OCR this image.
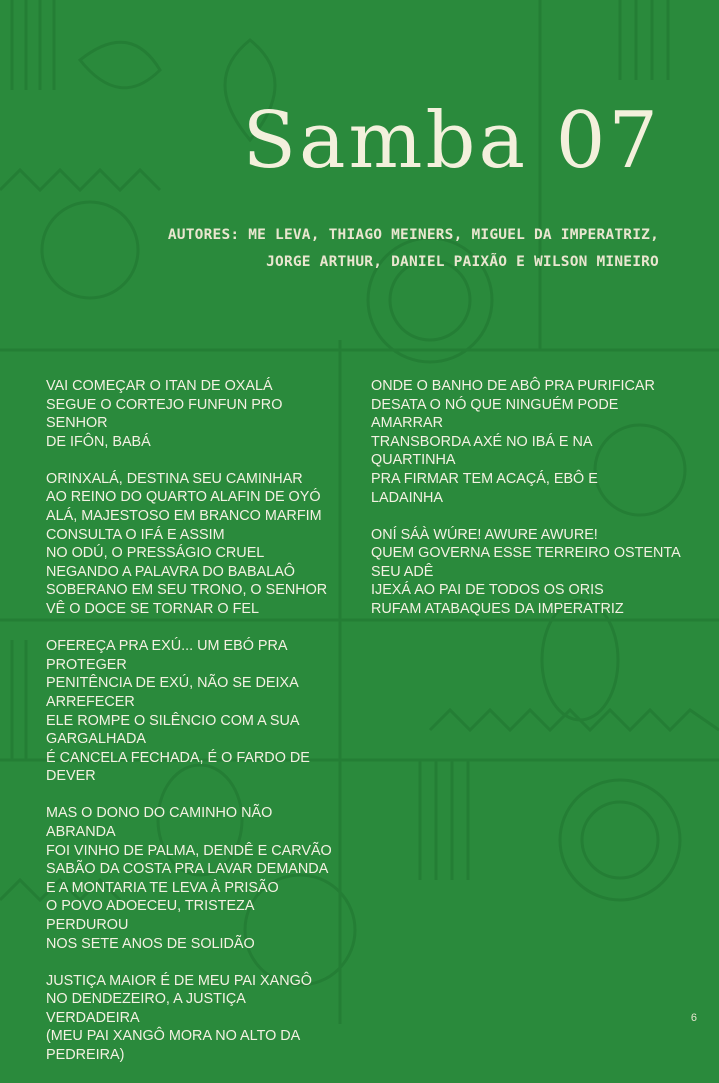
Samba 07
AUTORES: ME LEVA, THIAGO MEINERS, MIGUEL DA IMPERATRIZ,
JORGE ARTHUR, DANIEL PAIXÃO E WILSON MINEIRO
VAI COMEÇAR O ITAN DE OXALÁ
SEGUE O CORTEJO FUNFUN PRO SENHOR
DE IFÔN, BABÁ
ORINXALÁ, DESTINA SEU CAMINHAR
AO REINO DO QUARTO ALAFIN DE OYÓ
ALÁ, MAJESTOSO EM BRANCO MARFIM
CONSULTA O IFÁ E ASSIM
NO ODÚ, O PRESSÁGIO CRUEL
NEGANDO A PALAVRA DO BABALAÔ
SOBERANO EM SEU TRONO, O SENHOR
VÊ O DOCE SE TORNAR O FEL
OFEREÇA PRA EXÚ... UM EBÓ PRA
PROTEGER
PENITÊNCIA DE EXÚ, NÃO SE DEIXA
ARREFECER
ELE ROMPE O SILÊNCIO COM A SUA
GARGALHADA
É CANCELA FECHADA, É O FARDO DE
DEVER
MAS O DONO DO CAMINHO NÃO
ABRANDA
FOI VINHO DE PALMA, DENDÊ E CARVÃO
SABÃO DA COSTA PRA LAVAR DEMANDA
E A MONTARIA TE LEVA À PRISÃO
O POVO ADOECEU, TRISTEZA PERDUROU
NOS SETE ANOS DE SOLIDÃO
JUSTIÇA MAIOR É DE MEU PAI XANGÔ
NO DENDEZEIRO, A JUSTIÇA VERDADEIRA
(MEU PAI XANGÔ MORA NO ALTO DA
PEDREIRA)
ONDE O BANHO DE ABÔ PRA PURIFICAR
DESATA O NÓ QUE NINGUÉM PODE
AMARRAR
TRANSBORDA AXÉ NO IBÁ E NA
QUARTINHA
PRA FIRMAR TEM ACAÇÁ, EBÔ E
LADAINHA
ONÍ SÁÀ WÚRE! AWURE AWURE!
QUEM GOVERNA ESSE TERREIRO OSTENTA
SEU ADÊ
IJEXÁ AO PAI DE TODOS OS ORIS
RUFAM ATABAQUES DA IMPERATRIZ
6
